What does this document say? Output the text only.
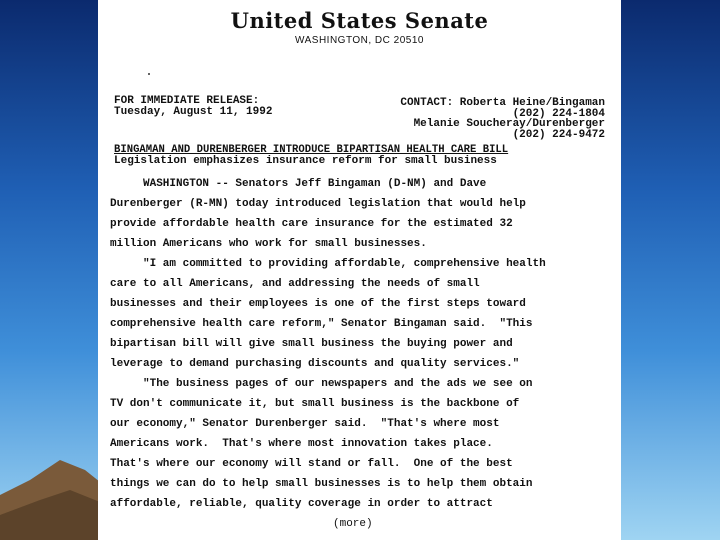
United States Senate
WASHINGTON, DC 20510
FOR IMMEDIATE RELEASE:
Tuesday, August 11, 1992
CONTACT: Roberta Heine/Bingaman
(202) 224-1804
Melanie Soucheray/Durenberger
(202) 224-9472
BINGAMAN AND DURENBERGER INTRODUCE BIPARTISAN HEALTH CARE BILL
Legislation emphasizes insurance reform for small business
WASHINGTON -- Senators Jeff Bingaman (D-NM) and Dave
Durenberger (R-MN) today introduced legislation that would help
provide affordable health care insurance for the estimated 32
million Americans who work for small businesses.
"I am committed to providing affordable, comprehensive health
care to all Americans, and addressing the needs of small
businesses and their employees is one of the first steps toward
comprehensive health care reform," Senator Bingaman said.  "This
bipartisan bill will give small business the buying power and
leverage to demand purchasing discounts and quality services."
"The business pages of our newspapers and the ads we see on
TV don't communicate it, but small business is the backbone of
our economy," Senator Durenberger said.  "That's where most
Americans work.  That's where most innovation takes place.
That's where our economy will stand or fall.  One of the best
things we can do to help small businesses is to help them obtain
affordable, reliable, quality coverage in order to attract
(more)
